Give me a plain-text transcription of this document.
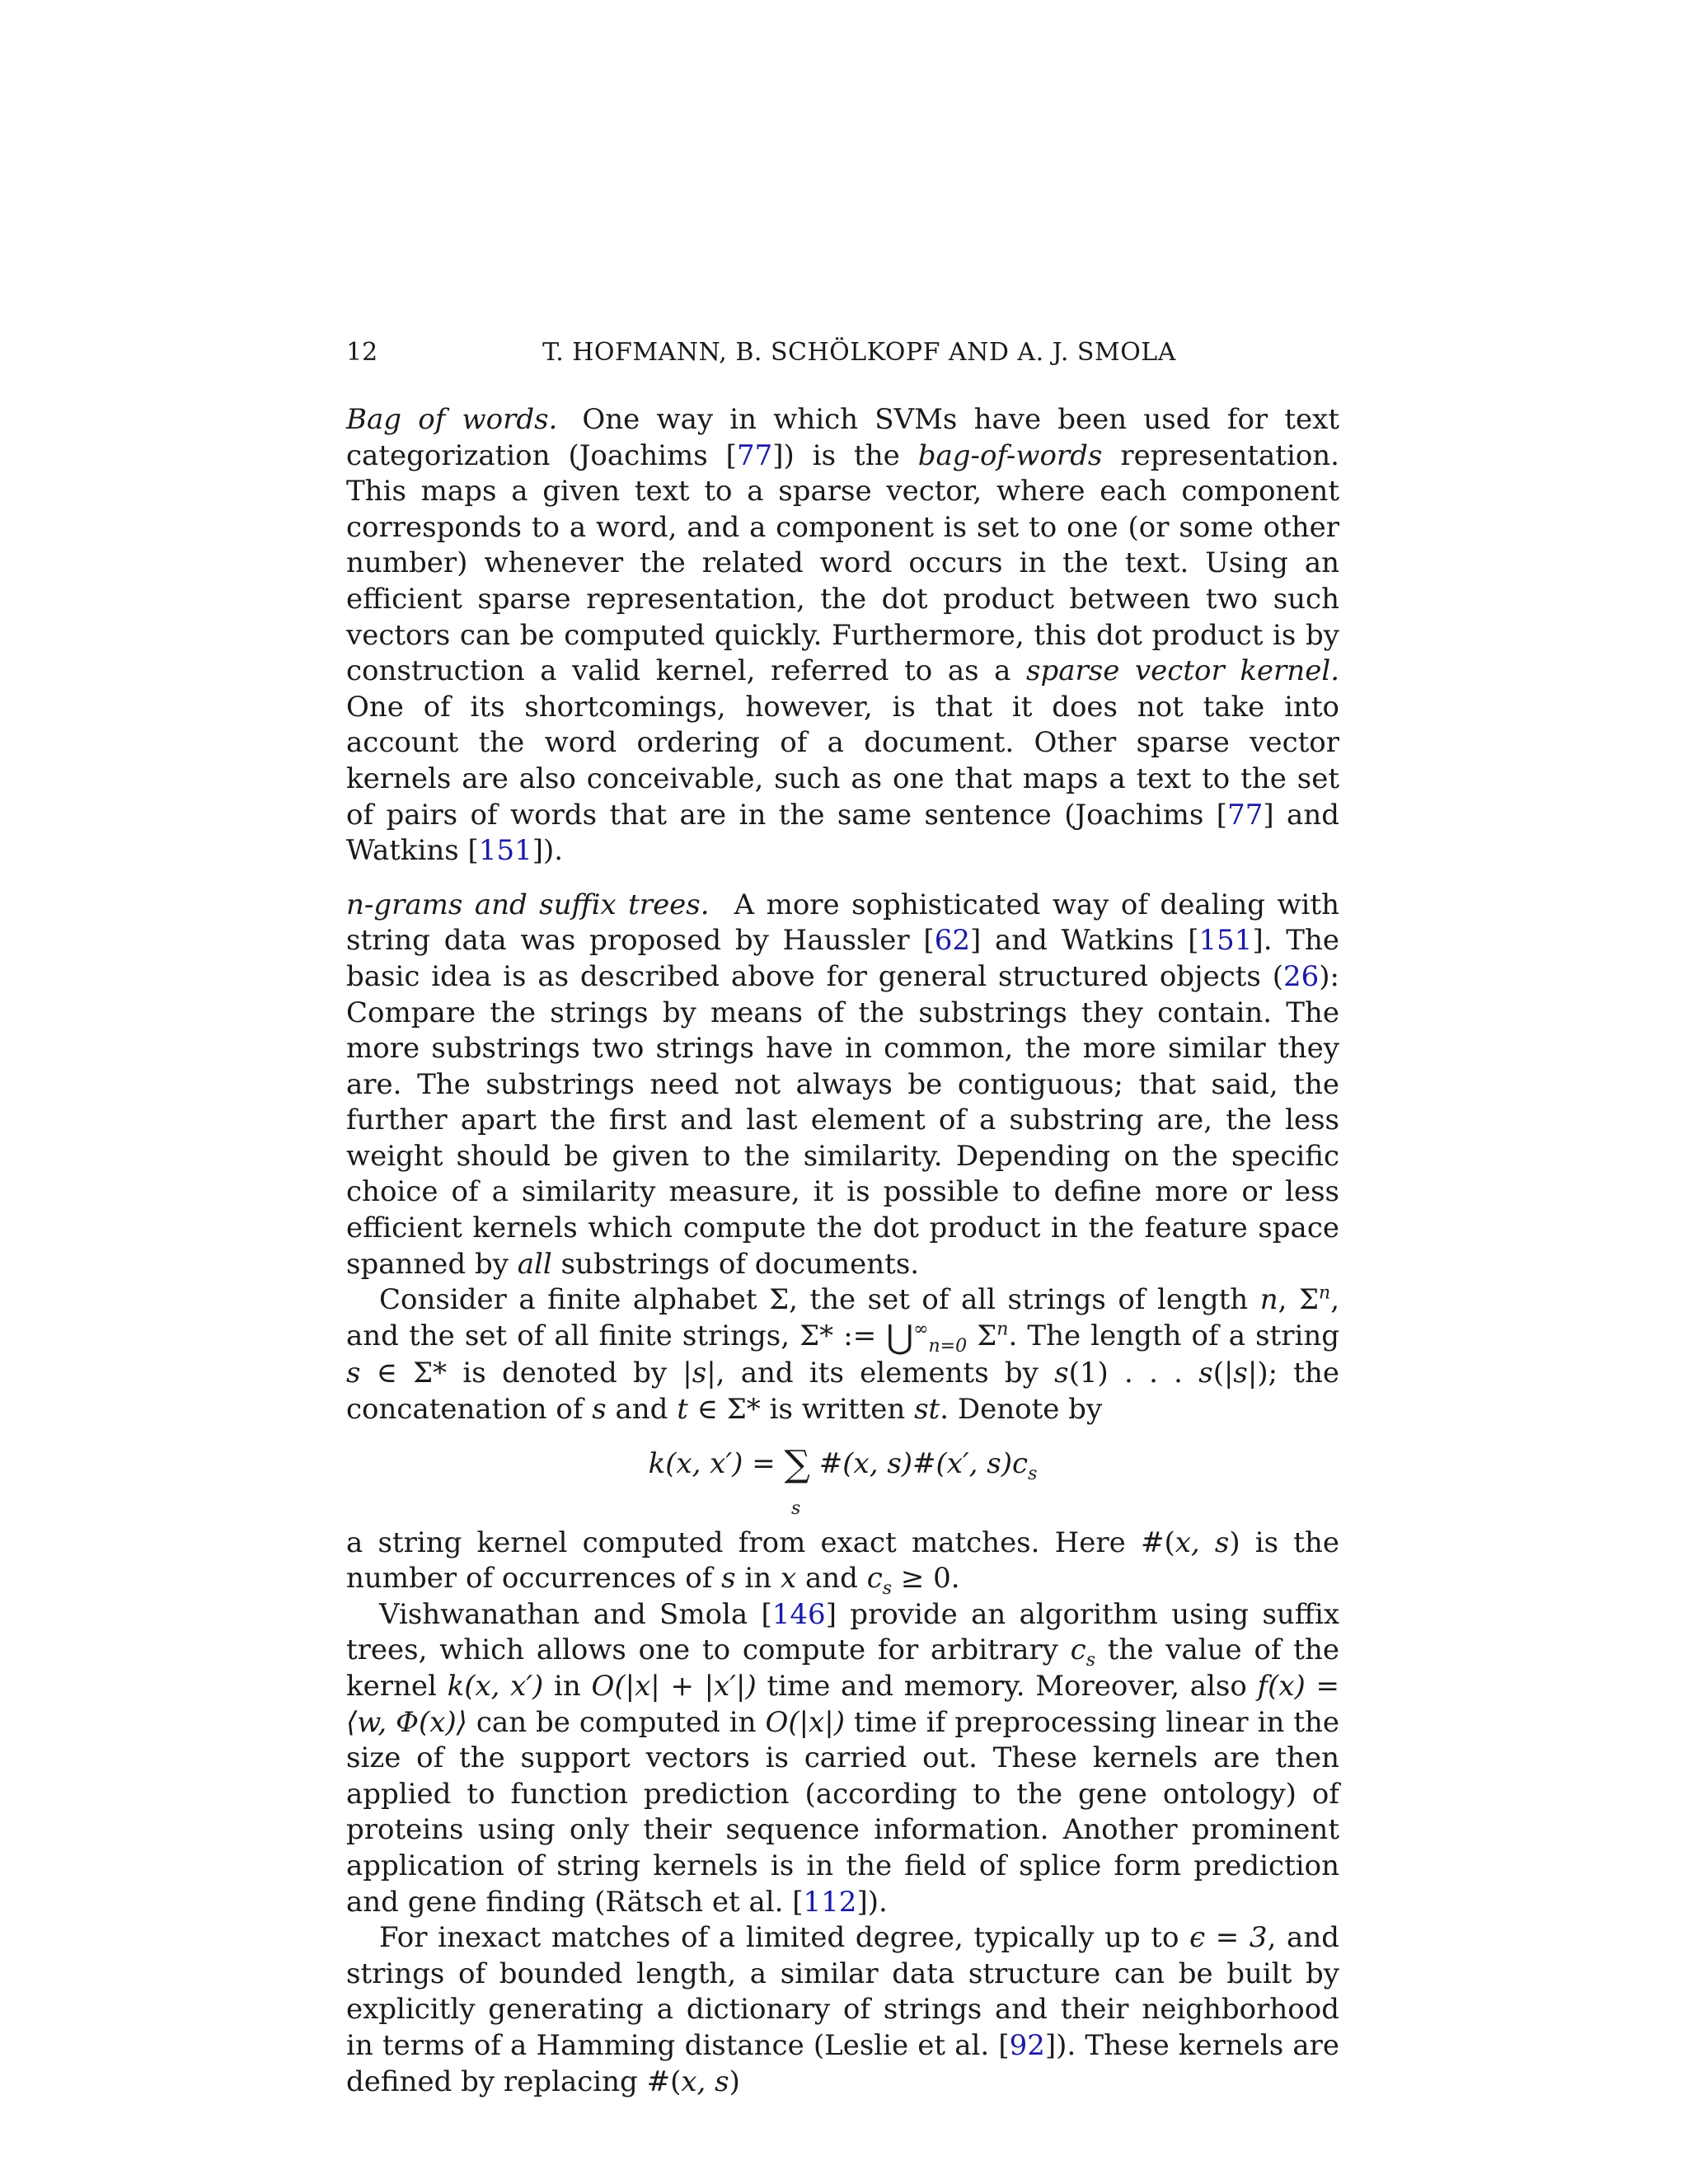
12	T. HOFMANN, B. SCHÖLKOPF AND A. J. SMOLA

Bag of words. One way in which SVMs have been used for text categorization (Joachims [77]) is the bag-of-words representation. This maps a given text to a sparse vector, where each component corresponds to a word, and a component is set to one (or some other number) whenever the related word occurs in the text. Using an efficient sparse representation, the dot product between two such vectors can be computed quickly. Furthermore, this dot product is by construction a valid kernel, referred to as a sparse vector kernel. One of its shortcomings, however, is that it does not take into account the word ordering of a document. Other sparse vector kernels are also conceivable, such as one that maps a text to the set of pairs of words that are in the same sentence (Joachims [77] and Watkins [151]).

n-grams and suffix trees. A more sophisticated way of dealing with string data was proposed by Haussler [62] and Watkins [151]. The basic idea is as described above for general structured objects (26): Compare the strings by means of the substrings they contain. The more substrings two strings have in common, the more similar they are. The substrings need not always be contiguous; that said, the further apart the first and last element of a substring are, the less weight should be given to the similarity. Depending on the specific choice of a similarity measure, it is possible to define more or less efficient kernels which compute the dot product in the feature space spanned by all substrings of documents.

Consider a finite alphabet Σ, the set of all strings of length n, $\Sigma^n$, and the set of all finite strings, Σ* := $⋃^\infty_{n=0}$ $\Sigma^n$. The length of a string s ∈ Σ* is denoted by |s|, and its elements by s(1) . . . s(|s|); the concatenation of s and t ∈ Σ* is written st. Denote by

k(x, x′) = ∑ #(x, s)#(x′, $s)c_s$
s

a string kernel computed from exact matches. Here #(x, s) is the number of occurrences of s in x and $c_s \ge 0$.

Vishwanathan and Smola [146] provide an algorithm using suffix trees, which allows one to compute for arbitrary $c_s$ the value of the kernel k(x, x′) in O(|x| + |x′|) time and memory. Moreover, also f(x) = ⟨w, Φ(x)⟩ can be computed in O(|x|) time if preprocessing linear in the size of the support vectors is carried out. These kernels are then applied to function prediction (according to the gene ontology) of proteins using only their sequence information. Another prominent application of string kernels is in the field of splice form prediction and gene finding (Rätsch et al. [112]).

For inexact matches of a limited degree, typically up to ϵ = 3, and strings of bounded length, a similar data structure can be built by explicitly generating a dictionary of strings and their neighborhood in terms of a Hamming distance (Leslie et al. [92]). These kernels are defined by replacing #(x, s)
